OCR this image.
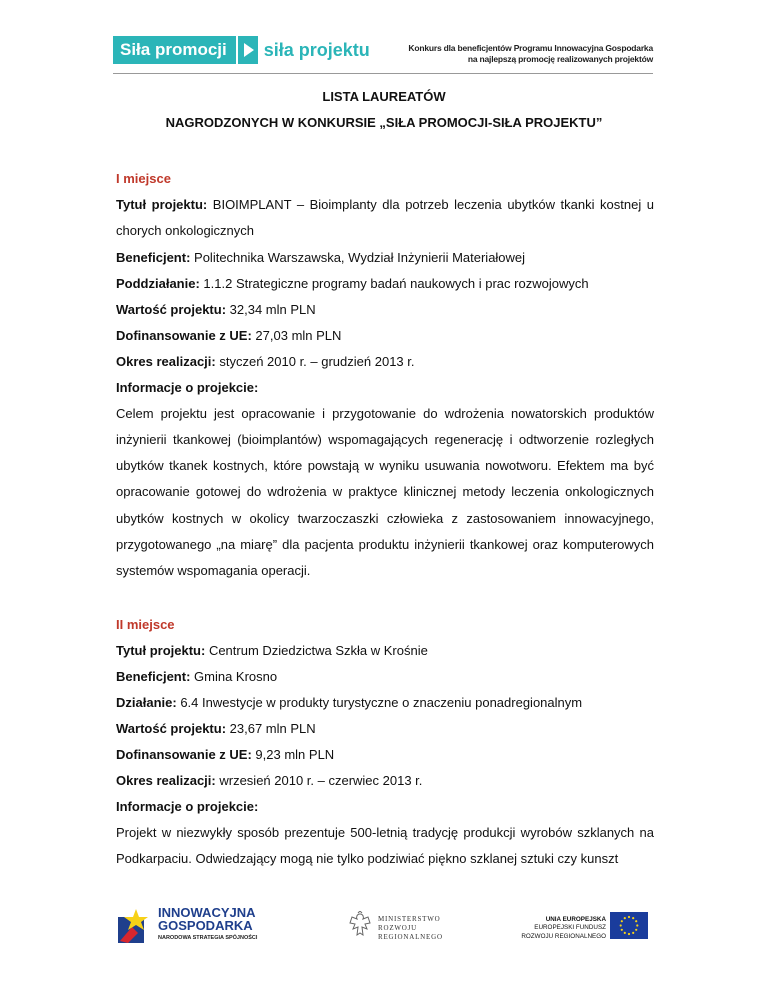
Siła promocji	siła projektu	Konkurs dla beneficjentów Programu Innowacyjna Gospodarka
na najlepszą promocję realizowanych projektów
LISTA LAUREATÓW
NAGRODZONYCH W KONKURSIE „SIŁA PROMOCJI-SIŁA PROJEKTU”

I miejsce

Tytuł projektu: BIOIMPLANT – Bioimplanty dla potrzeb leczenia ubytków tkanki kostnej u chorych onkologicznych

Beneficjent: Politechnika Warszawska, Wydział Inżynierii Materiałowej

Poddziałanie: 1.1.2 Strategiczne programy badań naukowych i prac rozwojowych

Wartość projektu: 32,34 mln PLN

Dofinansowanie z UE: 27,03 mln PLN

Okres realizacji: styczeń 2010 r. – grudzień 2013 r.

Informacje o projekcie:

Celem projektu jest opracowanie i przygotowanie do wdrożenia nowatorskich produktów inżynierii tkankowej (bioimplantów) wspomagających regenerację i odtworzenie rozległych ubytków tkanek kostnych, które powstają w wyniku usuwania nowotworu. Efektem ma być opracowanie gotowej do wdrożenia w praktyce klinicznej metody leczenia onkologicznych ubytków kostnych w okolicy twarzoczaszki człowieka z zastosowaniem innowacyjnego, przygotowanego „na miarę” dla pacjenta produktu inżynierii tkankowej oraz komputerowych systemów wspomagania operacji.

II miejsce

Tytuł projektu: Centrum Dziedzictwa Szkła w Krośnie

Beneficjent: Gmina Krosno

Działanie: 6.4 Inwestycje w produkty turystyczne o znaczeniu ponadregionalnym

Wartość projektu: 23,67 mln PLN

Dofinansowanie z UE: 9,23 mln PLN

Okres realizacji: wrzesień 2010 r. – czerwiec 2013 r.

Informacje o projekcie:

Projekt w niezwykły sposób prezentuje 500-letnią tradycję produkcji wyrobów szklanych na Podkarpaciu. Odwiedzający mogą nie tylko podziwiać piękno szklanej sztuki czy kunszt

INNOWACYJNA
GOSPODARKA
NARODOWA STRATEGIA SPÓJNOŚCI
MINISTERSTWO
ROZWOJU
REGIONALNEGO
UNIA EUROPEJSKA
EUROPEJSKI FUNDUSZ
ROZWOJU REGIONALNEGO
